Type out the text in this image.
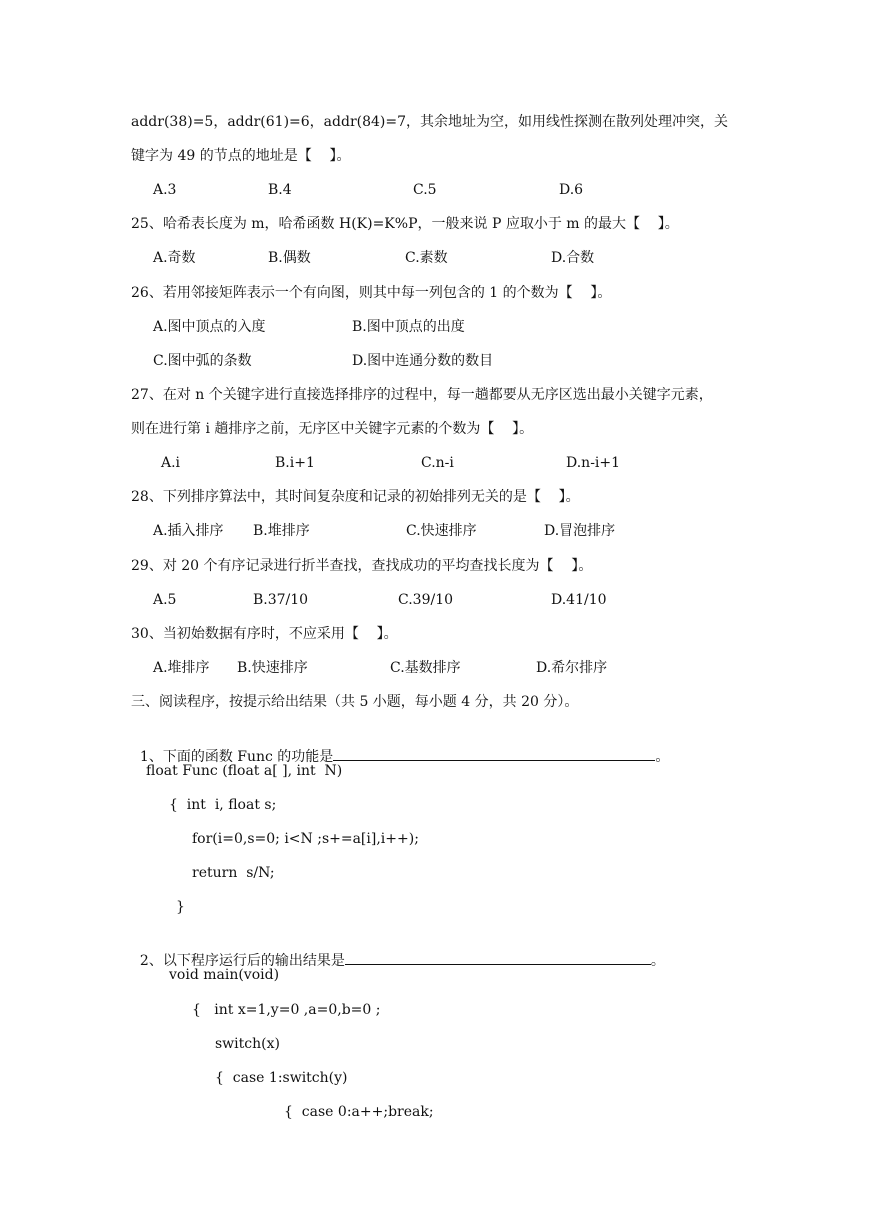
addr(38)=5，addr(61)=6，addr(84)=7，其余地址为空，如用线性探测在散列处理冲突，关
键字为 49 的节点的地址是【    】。
A.3	B.4	C.5	D.6
25、哈希表长度为 m，哈希函数 H(K)=K%P，一般来说 P 应取小于 m 的最大【    】。
A.奇数	B.偶数	C.素数	D.合数
26、若用邻接矩阵表示一个有向图，则其中每一列包含的 1 的个数为【    】。
A.图中顶点的入度	B.图中顶点的出度
C.图中弧的条数	D.图中连通分数的数目
27、在对 n 个关键字进行直接选择排序的过程中，每一趟都要从无序区选出最小关键字元素，
则在进行第 i 趟排序之前，无序区中关键字元素的个数为【    】。
A.i	B.i+1	C.n-i	D.n-i+1
28、下列排序算法中，其时间复杂度和记录的初始排列无关的是【    】。
A.插入排序 B.堆排序	C.快速排序	D.冒泡排序
29、对 20 个有序记录进行折半查找，查找成功的平均查找长度为【    】。
A.5	B.37/10	C.39/10	D.41/10
30、当初始数据有序时，不应采用【    】。
A.堆排序 B.快速排序	C.基数排序	D.希尔排序
三、阅读程序，按提示给出结果（共 5 小题，每小题 4 分，共 20 分）。

1、下面的函数 Func 的功能是	。

float Func (float a[ ], int  N)
{  int  i, float s;
for(i=0,s=0; i<N ;s+=a[i],i++);
return  s/N;
}

2、以下程序运行后的输出结果是	。

void main(void)
{   int x=1,y=0 ,a=0,b=0 ;
switch(x)
{  case 1:switch(y)
{  case 0:a++;break;
